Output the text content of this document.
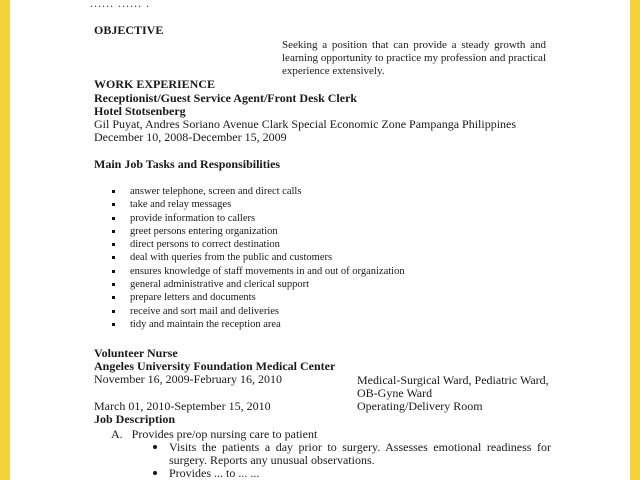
...... ...... .
OBJECTIVE
Seeking a position that can provide a steady growth and learning opportunity to practice my profession and practical experience extensively.
WORK EXPERIENCE
Receptionist/Guest Service Agent/Front Desk Clerk
Hotel Stotsenberg
Gil Puyat, Andres Soriano Avenue Clark Special Economic Zone Pampanga Philippines
December 10, 2008-December 15, 2009
Main Job Tasks and Responsibilities
answer telephone, screen and direct calls
take and relay messages
provide information to callers
greet persons entering organization
direct persons to correct destination
deal with queries from the public and customers
ensures knowledge of staff movements in and out of organization
general administrative and clerical support
prepare letters and documents
receive and sort mail and deliveries
tidy and maintain the reception area
Volunteer Nurse
Angeles University Foundation Medical Center
November 16, 2009-February 16, 2010	Medical-Surgical Ward, Pediatric Ward,
OB-Gyne Ward
March 01, 2010-September 15, 2010	Operating/Delivery Room
Job Description
A. Provides pre/op nursing care to patient
Visits the patients a day prior to surgery. Assesses emotional readiness for surgery. Reports any unusual observations.
Provides ... to ... ...
